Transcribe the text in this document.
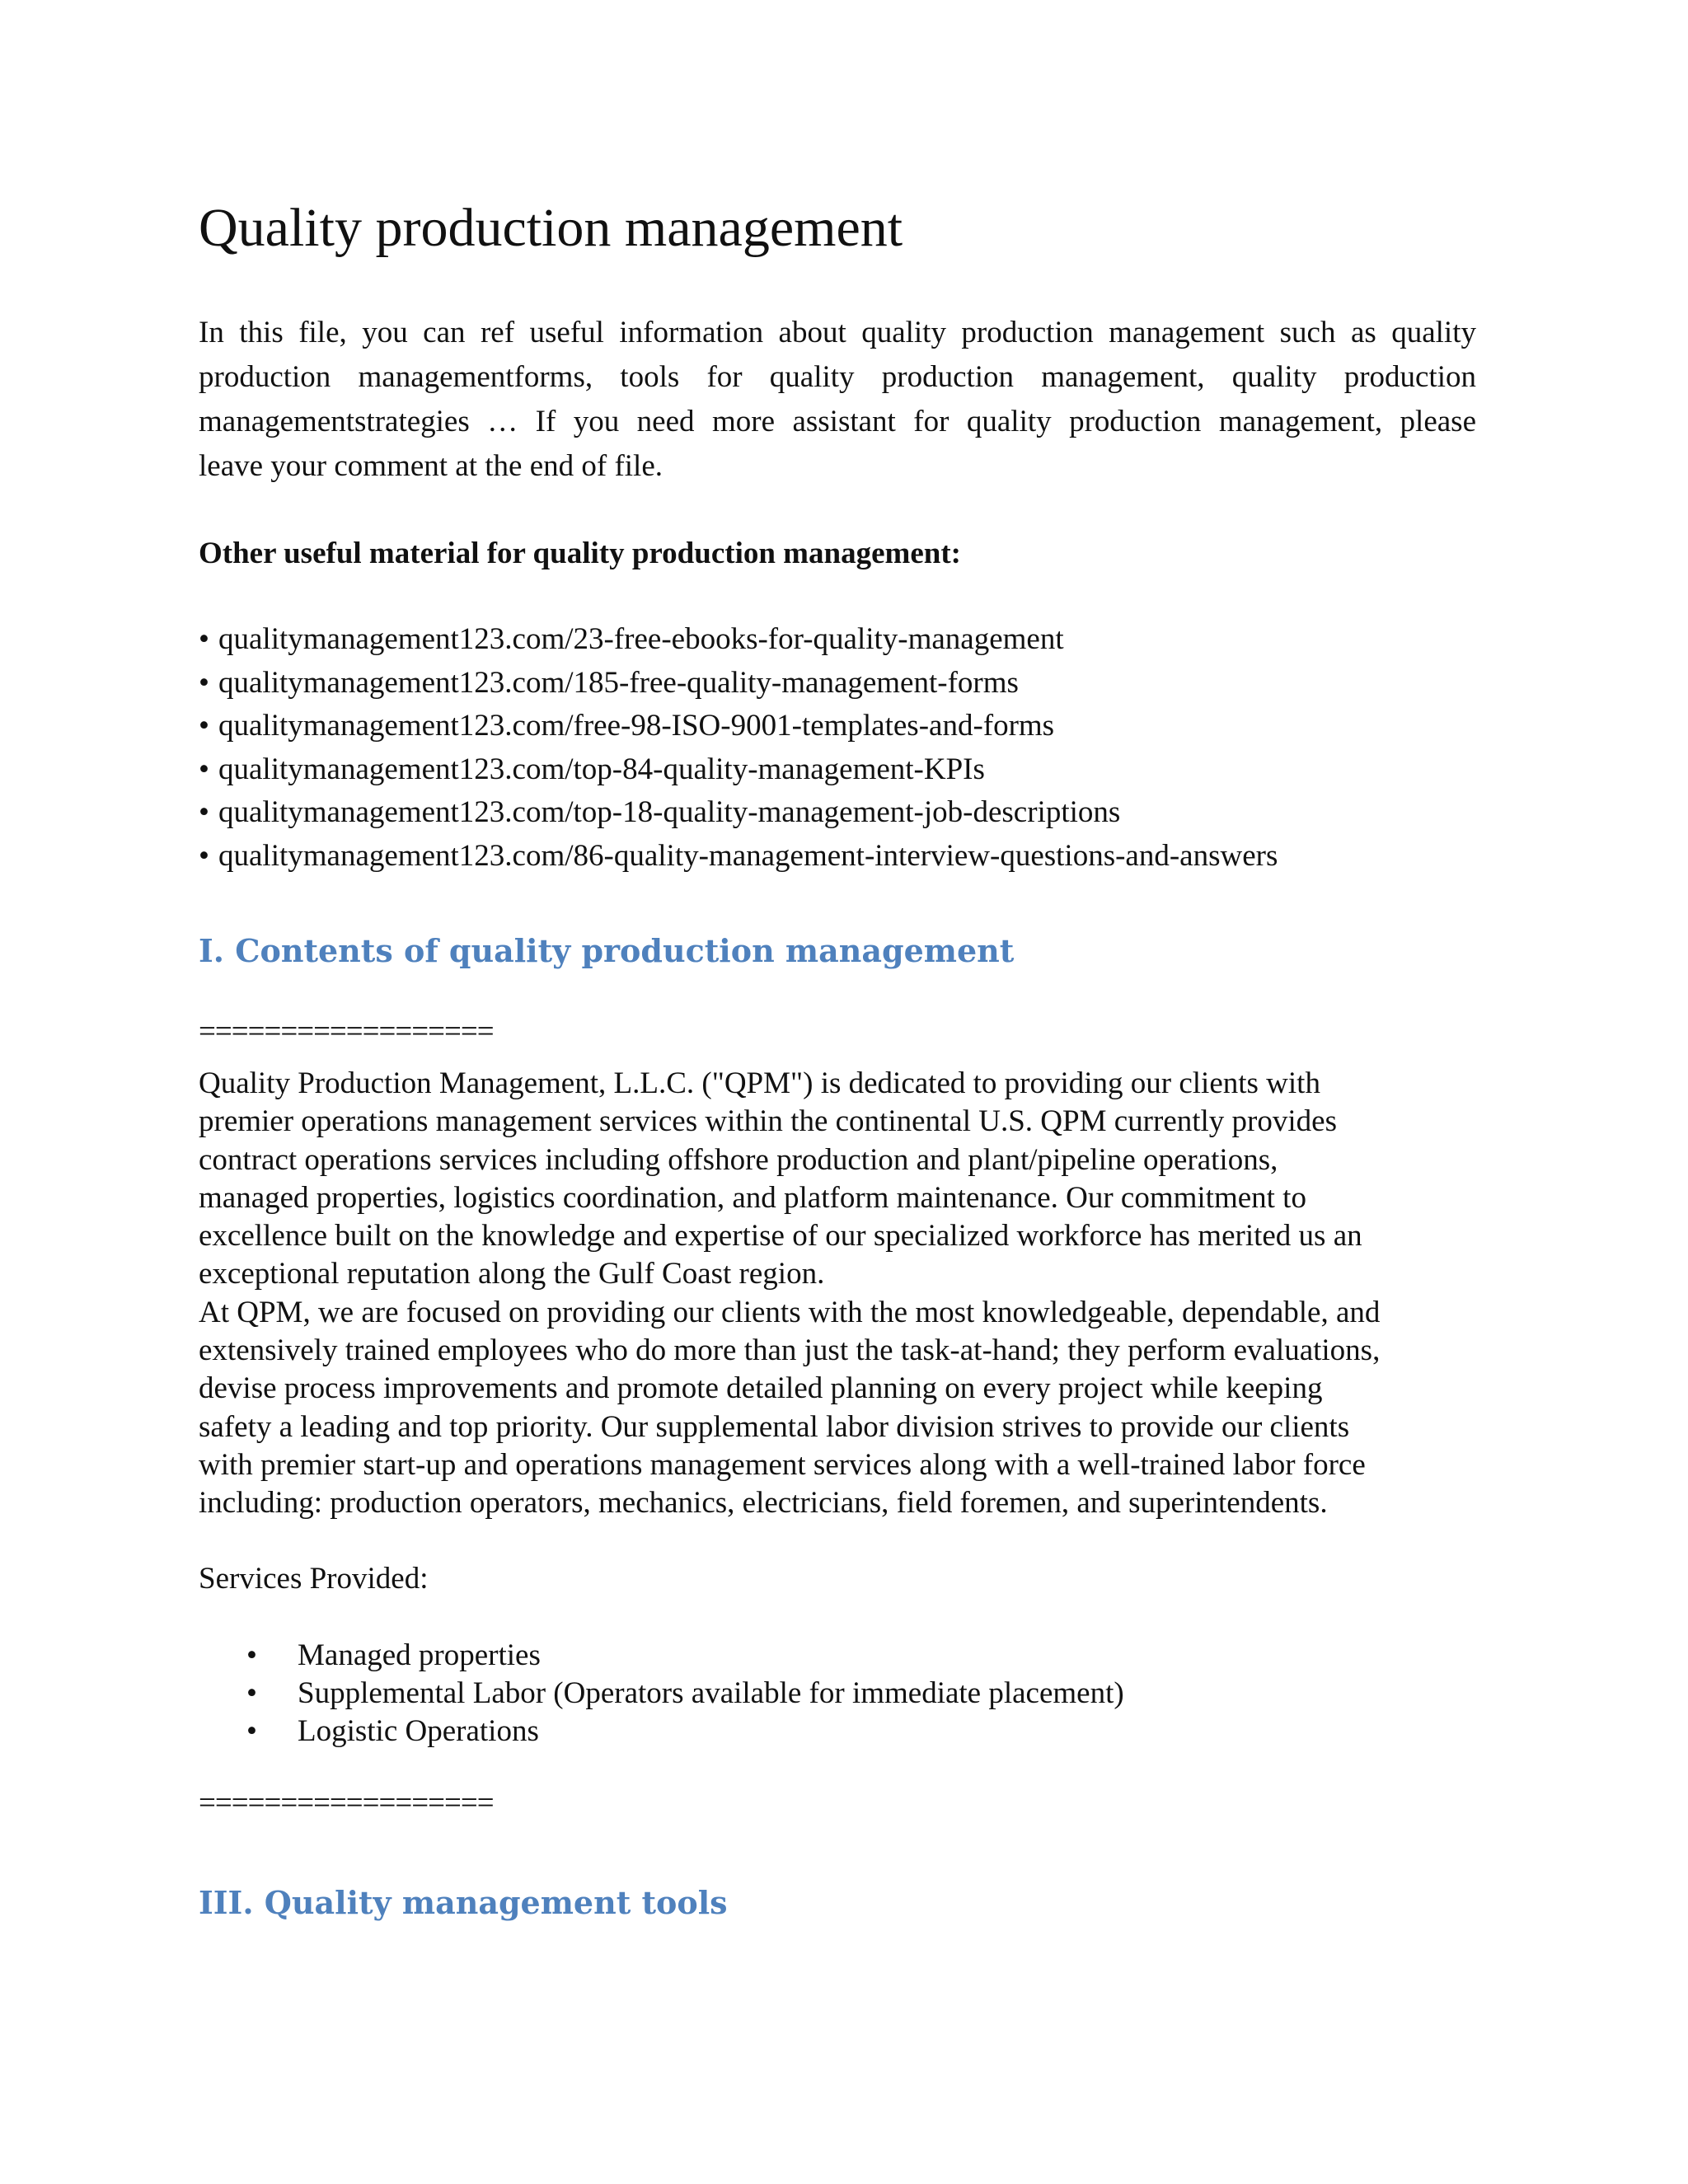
Quality production management

In this file, you can ref useful information about quality production management such as quality
production managementforms, tools for quality production management, quality production
managementstrategies … If you need more assistant for quality production management, please
leave your comment at the end of file.

Other useful material for quality production management:

• qualitymanagement123.com/23-free-ebooks-for-quality-management
• qualitymanagement123.com/185-free-quality-management-forms
• qualitymanagement123.com/free-98-ISO-9001-templates-and-forms
• qualitymanagement123.com/top-84-quality-management-KPIs
• qualitymanagement123.com/top-18-quality-management-job-descriptions
• qualitymanagement123.com/86-quality-management-interview-questions-and-answers
I. Contents of quality production management

==================

Quality Production Management, L.L.C. ("QPM") is dedicated to providing our clients with
premier operations management services within the continental U.S. QPM currently provides
contract operations services including offshore production and plant/pipeline operations,
managed properties, logistics coordination, and platform maintenance. Our commitment to
excellence built on the knowledge and expertise of our specialized workforce has merited us an
exceptional reputation along the Gulf Coast region.
At QPM, we are focused on providing our clients with the most knowledgeable, dependable, and
extensively trained employees who do more than just the task-at-hand; they perform evaluations,
devise process improvements and promote detailed planning on every project while keeping
safety a leading and top priority. Our supplemental labor division strives to provide our clients
with premier start-up and operations management services along with a well-trained labor force
including: production operators, mechanics, electricians, field foremen, and superintendents.

Services Provided:

• Managed properties
• Supplemental Labor (Operators available for immediate placement)
• Logistic Operations

==================

III. Quality management tools
